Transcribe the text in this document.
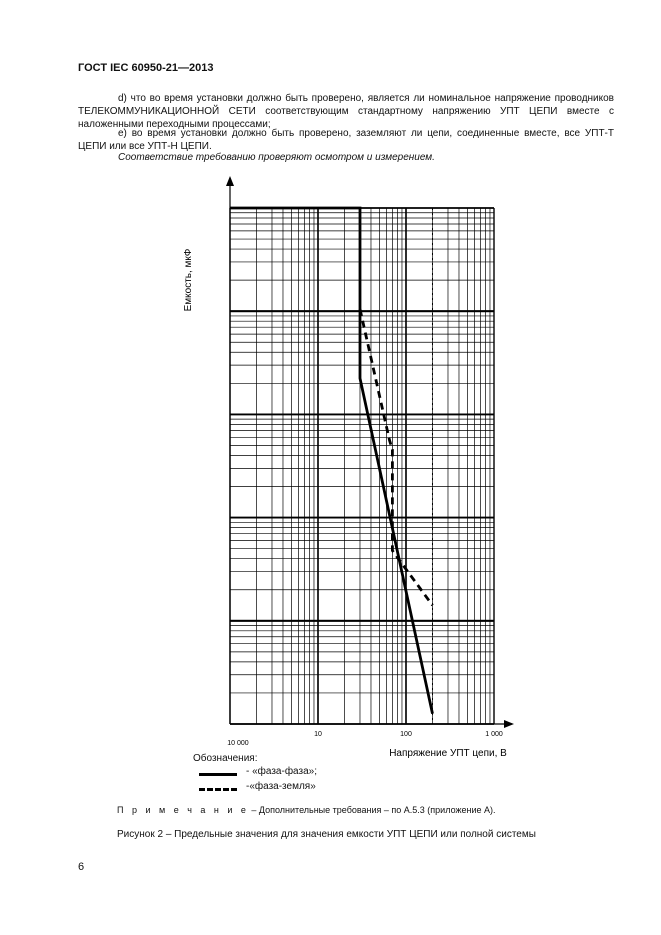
ГОСТ IEC 60950-21—2013
d) что во время установки должно быть проверено, является ли номинальное напряжение проводников ТЕЛЕКОММУНИКАЦИОННОЙ СЕТИ соответствующим стандартному напряжению УПТ ЦЕПИ вместе с наложенными переходными процессами;
е) во время установки должно быть проверено, заземляют ли цепи, соединенные вместе, все УПТ-Т ЦЕПИ или все УПТ-Н ЦЕПИ.
Соответствие требованию проверяют осмотром и измерением.
Емкость, мкФ
10 000
10	100	1 000
Напряжение УПТ цепи, В
Обозначения:
- «фаза-фаза»;
-«фаза-земля»
П р и м е ч а н и е – Дополнительные требования – по А.5.3 (приложение А).
Рисунок 2 – Предельные значения для значения емкости УПТ ЦЕПИ или полной системы
6
